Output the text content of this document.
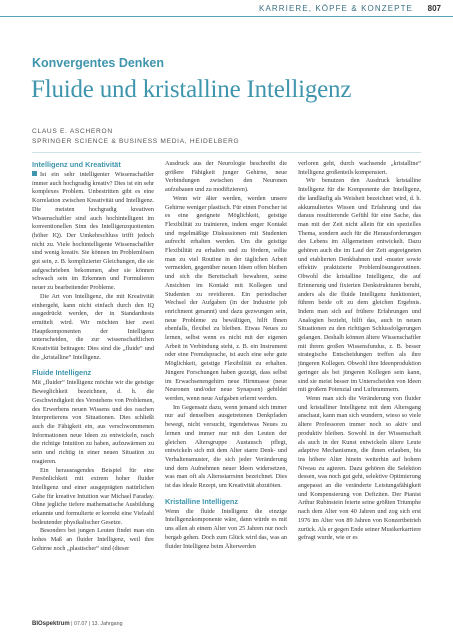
KARRIERE, KÖPFE & KONZEPTE 807
Konvergentes Denken
Fluide und kristalline Intelligenz
CLAUS E. ASCHERON
SPRINGER SCIENCE & BUSINESS MEDIA, HEIDELBERG
Intelligenz und Kreativität

Ist ein sehr intelligenter Wissenschaftler immer auch hochgradig kreativ? Dies ist ein sehr komplexes Problem. Unbestritten gibt es eine Korrelation zwischen Kreativität und Intelligenz. Die meisten hochgradig kreativen Wissenschaftler sind auch hochintelligent im konventionellen Sinn des Intelligenzquotienten (höher IQ). Der Umkehrschluss trifft jedoch nicht zu. Viele hochintelligente Wissenschaftler sind wenig kreativ. Sie können im Problemlösen gut sein, z. B. komplizierter Gleichungen, die sie aufgeschrieben bekommen, aber sie können schwach sein im Erkennen und Formulieren neuer zu bearbeitender Probleme.

Die Art von Intelligenz, die mit Kreativität einhergeht, kann nicht einfach durch den IQ ausgedrückt werden, der in Standardtests ermittelt wird. Wir möchten hier zwei Hauptkomponenten der Intelligenz unterscheiden, die zur wissenschaftlichen Kreativität beitragen: Dies sind die „fluide“ und die „kristalline“ Intelligenz.

Fluide Intelligenz

Mit „fluider“ Intelligenz möchte wir die geistige Beweglichkeit bezeichnen, d. h. die Geschwindigkeit des Verstehens von Problemen, des Erwerbens neuen Wissens und des raschen Interpretierens von Situationen. Dies schließt auch die Fähigkeit ein, aus verschwommenen Informationen neue Ideen zu entwickeln, rasch die richtige Intuition zu haben, aufzuwärmen zu sein und richtig in einer neuen Situation zu reagieren.

Ein herausragendes Beispiel für eine Persönlichkeit mit extrem hoher fluider Intelligenz und einer ausgeprägten natürlichen Gabe für kreative Intuition war Michael Faraday. Ohne jegliche tiefere mathematische Ausbildung erkannte und formulierte er korrekt eine Vielzahl bedeutender physikalischer Gesetze.

Besonders bei jungen Leuten findet man ein hohes Maß an fluider Intelligenz, weil ihre Gehirne noch „plastischer“ sind (dieser

Ausdruck aus der Neurologie beschreibt die größere Fähigkeit junger Gehirne, neue Verbindungen zwischen den Neuronen aufzubauen und zu modifizieren).

Wenn wir älter werden, werden unsere Gehirne weniger plastisch. Für einen Forscher ist es eine geeignete Möglichkeit, geistige Flexibilität zu trainieren, indem enger Kontakt und regelmäßige Diskussionen mit Studenten aufrecht erhalten werden. Um die geistige Flexibilität zu erhalten und zu fördern, sollte man zu viel Routine in der täglichen Arbeit vermeiden, gegenüber neuen Ideen offen bleiben und sich die Bereitschaft bewahren, seine Ansichten im Kontakt mit Kollegen und Studenten zu revidieren. Ein periodischer Wechsel der Aufgaben (in der Industrie job enrichment genannt) und dazu gezwungen sein, neue Probleme zu bewältigen, hilft Ihnen ebenfalls, flexibel zu bleiben. Etwas Neues zu lernen, selbst wenn es nicht mit der eigenen Arbeit in Verbindung steht, z. B. ein Instrument oder eine Fremdsprache, ist auch eine sehr gute Möglichkeit, geistige Flexibilität zu erhalten. Jüngere Forschungen haben gezeigt, dass selbst im Erwachsenengehirn neue Hirnmasse (neue Neuronen und/oder neue Synapsen) gebildet werden, wenn neue Aufgaben erlernt werden.

Im Gegensatz dazu, wenn jemand sich immer nur auf denselben ausgetretenen Denkpfaden bewegt, nicht versucht, irgendetwas Neues zu lernen und immer nur mit den Leuten der gleichen Altersgruppe Austausch pflegt, entwickeln sich mit dem Alter starre Denk- und Verhaltensmuster, die sich jeder Veränderung und dem Aufnehmen neuer Ideen widersetzen, was man oft als Altersstarrsinn bezeichnet. Dies ist das ideale Rezept, um Kreativität abzutöten.

Kristalline Intelligenz

Wenn die fluide Intelligenz die einzige Intelligenzkomponente wäre, dann würde es mit uns allen ab einem Alter von 25 Jahren nur noch bergab gehen. Doch zum Glück wird das, was an fluider Intelligenz beim Älterwerden

verloren geht, durch wachsende „kristalline“ Intelligenz großenteils kompensiert.

Wir benutzen den Ausdruck kristalline Intelligenz für die Komponente der Intelligenz, die landläufig als Weisheit bezeichnet wird, d. h. akkumuliertes Wissen und Erfahrung und das daraus resultierende Gefühl für eine Sache, das man mit der Zeit nicht allein für ein spezielles Thema, sondern auch für die Herausforderungen des Lebens im Allgemeinen entwickelt. Dazu gehören auch die im Lauf der Zeit angeeigneten und etablierten Denkbahnen und -muster sowie effektiv praktizierte Problemlösungsroutinen. Obwohl die kristalline Intelligenz, die auf Erinnerung und fixierten Denkstrukturen beruht, anders als die fluide Intelligenz funktioniert, führen beide oft zu dem gleichen Ergebnis. Indem man sich auf frühere Erfahrungen und Analogien bezieht, hilft das, auch in neuen Situationen zu den richtigen Schlussfolgerungen gelangen. Deshalb können ältere Wissenschaftler mit ihrem großen Wissensfundus, z. B. besser strategische Entscheidungen treffen als ihre jüngeren Kollegen. Obwohl ihre Ideenproduktion geringer als bei jüngeren Kollegen sein kann, sind sie meist besser im Unterscheiden von Ideen mit großem Potenzial und Luftnummern.

Wenn man sich die Veränderung von fluider und kristalliner Intelligenz mit dem Altersgang anschaut, kann man sich wundern, wieso so viele ältere Professoren immer noch so aktiv und produktiv bleiben. Sowohl in der Wissenschaft als auch in der Kunst entwickeln ältere Leute adaptive Mechanismen, die ihnen erlauben, bis ins höhere Alter hinein weiterhin auf hohem Niveau zu agieren. Dazu gehören die Selektion dessen, was noch gut geht, selektive Optimierung angepasst an die veränderte Leistungsfähigkeit und Kompensierung von Defiziten. Der Pianist Arthur Rubinstein feierte seine größten Triumphe nach dem Alter von 40 Jahren und zog sich erst 1976 im Alter von 89 Jahren von Konzertbetrieb zurück. Als er gegen Ende seiner Musikerkarriere gefragt wurde, wie er es

BIOspektrum | 07.07 | 13. Jahrgang
